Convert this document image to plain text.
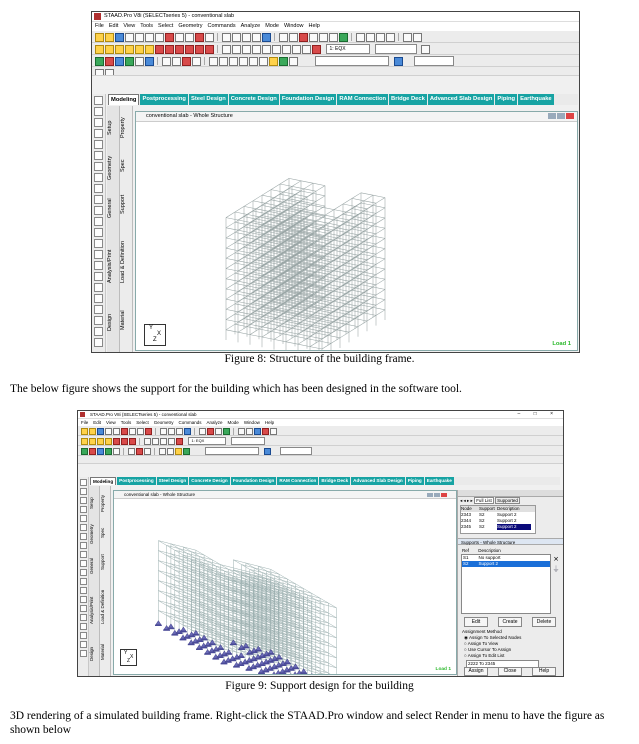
STAAD.Pro V8i (SELECTseries 5) - conventional slab
File Edit View Tools Select Geometry Commands Analyze Mode Window Help
1: EQX

Modeling Postprocessing Steel Design Concrete Design Foundation Design RAM Connection Bridge Deck Advanced Slab Design Piping Earthquake
Setup
Geometry
General
Analysis/Print
Design
Property
Spec
Support
Load & Definition
Material
conventional slab - Whole Structure
Y
X
Z
Load 1
Figure 8: Structure of the building frame.
The below figure shows the support for the building which has been designed in the software tool.
STAAD.Pro V8i (SELECTseries 5) - conventional slab	– □ ×
File Edit View Tools Select Geometry Commands Analyze Mode Window Help
1: EQX

Modeling Postprocessing Steel Design Concrete Design Foundation Design RAM Connection Bridge Deck Advanced Slab Design Piping Earthquake
Setup
Geometry
General
Analysis/Print
Design
Property
Spec
Support
Load & Definition
Material
conventional slab - Whole Structure
Y
X
Z
Load 1
◂ ◂ ▸ ▸ Full List Supported
Node Support Description
2343 S2	Support 2
2344 S2	Support 2
2345 S2	Support 2
Supports - Whole Structure
Ref Description
S1 No support
S2 Support 2
⨯
⏚
Edit	Create	Delete
Assignment Method
◉ Assign To Selected Nodes
○ Assign To View
○ Use Cursor To Assign
○ Assign To Edit List
2222 To 2345
Assign	Close	Help
Figure 9: Support design for the building
3D rendering of a simulated building frame. Right-click the STAAD.Pro window and select Render in menu to have the figure as shown below
